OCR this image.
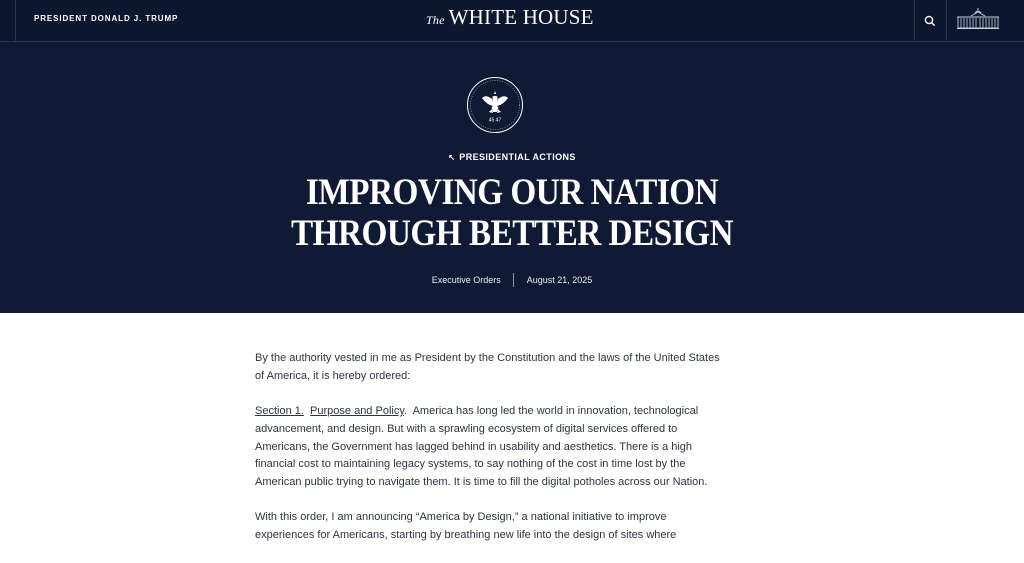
PRESIDENT DONALD J. TRUMP	The WHITE HOUSE
45 47
↖ PRESIDENTIAL ACTIONS
IMPROVING OUR NATION
THROUGH BETTER DESIGN
Executive Orders	August 21, 2025

By the authority vested in me as President by the Constitution and the laws of the United States of America, it is hereby ordered:

Section 1. Purpose and Policy.  America has long led the world in innovation, technological advancement, and design. But with a sprawling ecosystem of digital services offered to Americans, the Government has lagged behind in usability and aesthetics. There is a high financial cost to maintaining legacy systems, to say nothing of the cost in time lost by the American public trying to navigate them. It is time to fill the digital potholes across our Nation.

With this order, I am announcing “America by Design,” a national initiative to improve experiences for Americans, starting by breathing new life into the design of sites where
